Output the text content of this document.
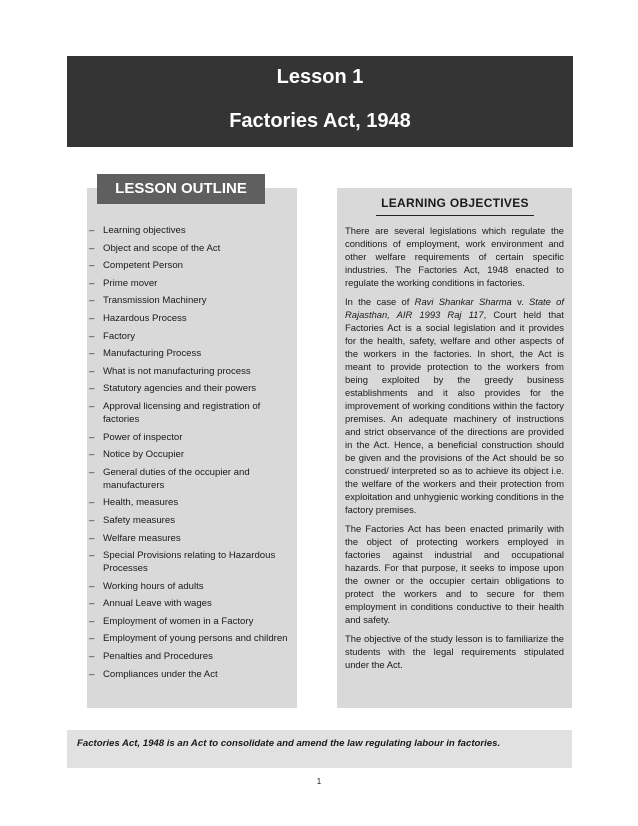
Lesson 1
Factories Act, 1948
LESSON OUTLINE
– Learning objectives
– Object and scope of the Act
– Competent Person
– Prime mover
– Transmission Machinery
– Hazardous Process
– Factory
– Manufacturing Process
– What is not manufacturing process
– Statutory agencies and their powers
– Approval licensing and registration of factories
– Power of inspector
– Notice by Occupier
– General duties of the occupier and manufacturers
– Health, measures
– Safety measures
– Welfare measures
– Special Provisions relating to Hazardous Processes
– Working hours of adults
– Annual Leave with wages
– Employment of women in a Factory
– Employment of young persons and children
– Penalties and Procedures
– Compliances under the Act
LEARNING OBJECTIVES

There are several legislations which regulate the conditions of employment, work environment and other welfare requirements of certain specific industries. The Factories Act, 1948 enacted to regulate the working conditions in factories.

In the case of Ravi Shankar Sharma v. State of Rajasthan, AIR 1993 Raj 117, Court held that Factories Act is a social legislation and it provides for the health, safety, welfare and other aspects of the workers in the factories. In short, the Act is meant to provide protection to the workers from being exploited by the greedy business establishments and it also provides for the improvement of working conditions within the factory premises. An adequate machinery of instructions and strict observance of the directions are provided in the Act. Hence, a beneficial construction should be given and the provisions of the Act should be so construed/ interpreted so as to achieve its object i.e. the welfare of the workers and their protection from exploitation and unhygienic working conditions in the factory premises.

The Factories Act has been enacted primarily with the object of protecting workers employed in factories against industrial and occupational hazards. For that purpose, it seeks to impose upon the owner or the occupier certain obligations to protect the workers and to secure for them employment in conditions conductive to their health and safety.

The objective of the study lesson is to familiarize the students with the legal requirements stipulated under the Act.

Factories Act, 1948 is an Act to consolidate and amend the law regulating labour in factories.
1
